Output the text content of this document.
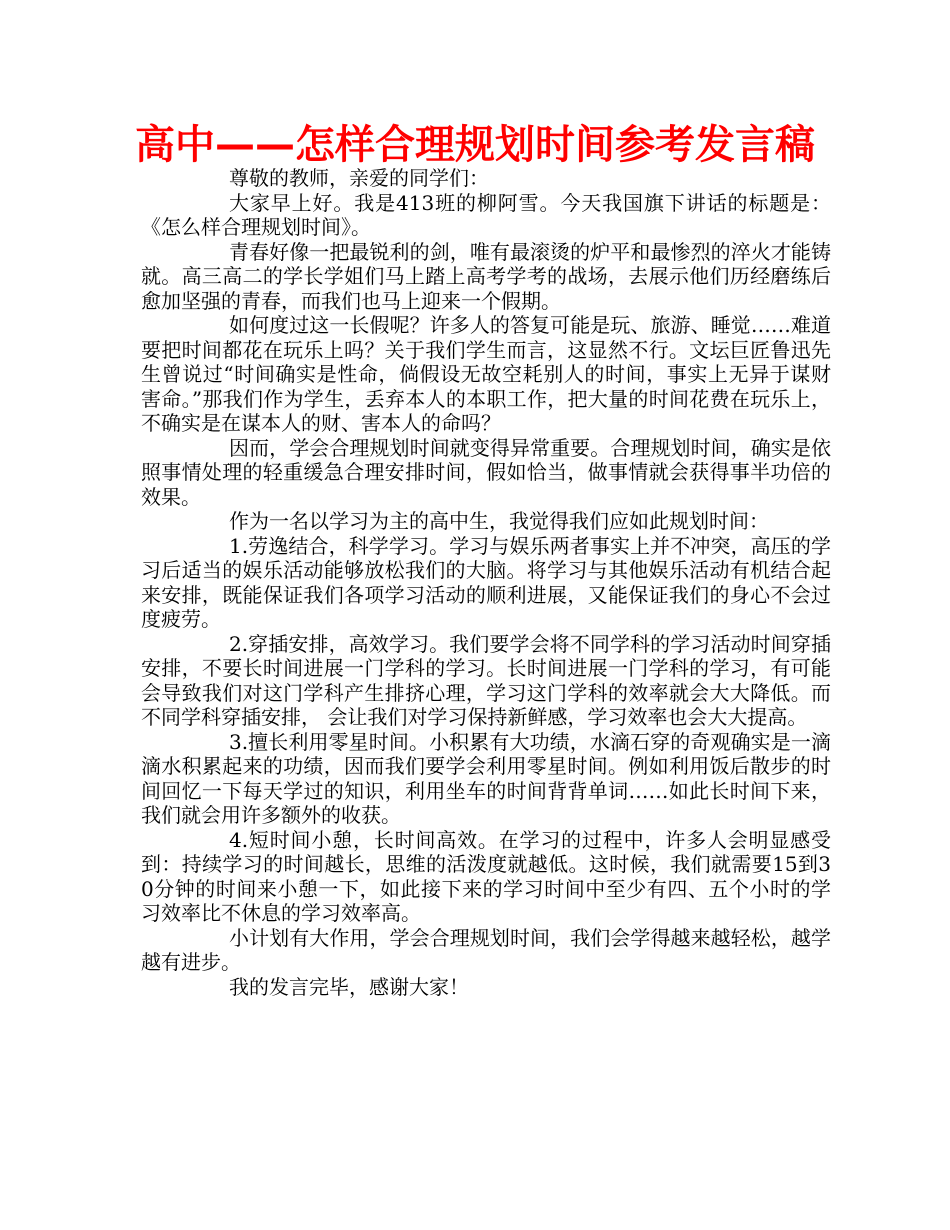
高中——怎样合理规划时间参考发言稿

尊敬的教师，亲爱的同学们：

大家早上好。我是413班的柳阿雪。今天我国旗下讲话的标题是：《怎么样合理规划时间》。

青春好像一把最锐利的剑，唯有最滚烫的炉平和最惨烈的淬火才能铸就。高三高二的学长学姐们马上踏上高考学考的战场，去展示他们历经磨练后愈加坚强的青春，而我们也马上迎来一个假期。

如何度过这一长假呢？许多人的答复可能是玩、旅游、睡觉……难道要把时间都花在玩乐上吗？关于我们学生而言，这显然不行。文坛巨匠鲁迅先生曾说过“时间确实是性命，倘假设无故空耗别人的时间，事实上无异于谋财害命。”那我们作为学生，丢弃本人的本职工作，把大量的时间花费在玩乐上，不确实是在谋本人的财、害本人的命吗？

因而，学会合理规划时间就变得异常重要。合理规划时间，确实是依照事情处理的轻重缓急合理安排时间，假如恰当，做事情就会获得事半功倍的效果。

作为一名以学习为主的高中生，我觉得我们应如此规划时间：

1.劳逸结合，科学学习。学习与娱乐两者事实上并不冲突，高压的学习后适当的娱乐活动能够放松我们的大脑。将学习与其他娱乐活动有机结合起来安排，既能保证我们各项学习活动的顺利进展，又能保证我们的身心不会过度疲劳。

2.穿插安排，高效学习。我们要学会将不同学科的学习活动时间穿插安排，不要长时间进展一门学科的学习。长时间进展一门学科的学习，有可能会导致我们对这门学科产生排挤心理，学习这门学科的效率就会大大降低。而不同学科穿插安排， 会让我们对学习保持新鲜感，学习效率也会大大提高。

3.擅长利用零星时间。小积累有大功绩，水滴石穿的奇观确实是一滴滴水积累起来的功绩，因而我们要学会利用零星时间。例如利用饭后散步的时间回忆一下每天学过的知识，利用坐车的时间背背单词……如此长时间下来，我们就会用许多额外的收获。

4.短时间小憩，长时间高效。在学习的过程中，许多人会明显感受到：持续学习的时间越长，思维的活泼度就越低。这时候，我们就需要15到30分钟的时间来小憩一下，如此接下来的学习时间中至少有四、五个小时的学习效率比不休息的学习效率高。

小计划有大作用，学会合理规划时间，我们会学得越来越轻松，越学越有进步。

我的发言完毕，感谢大家！
